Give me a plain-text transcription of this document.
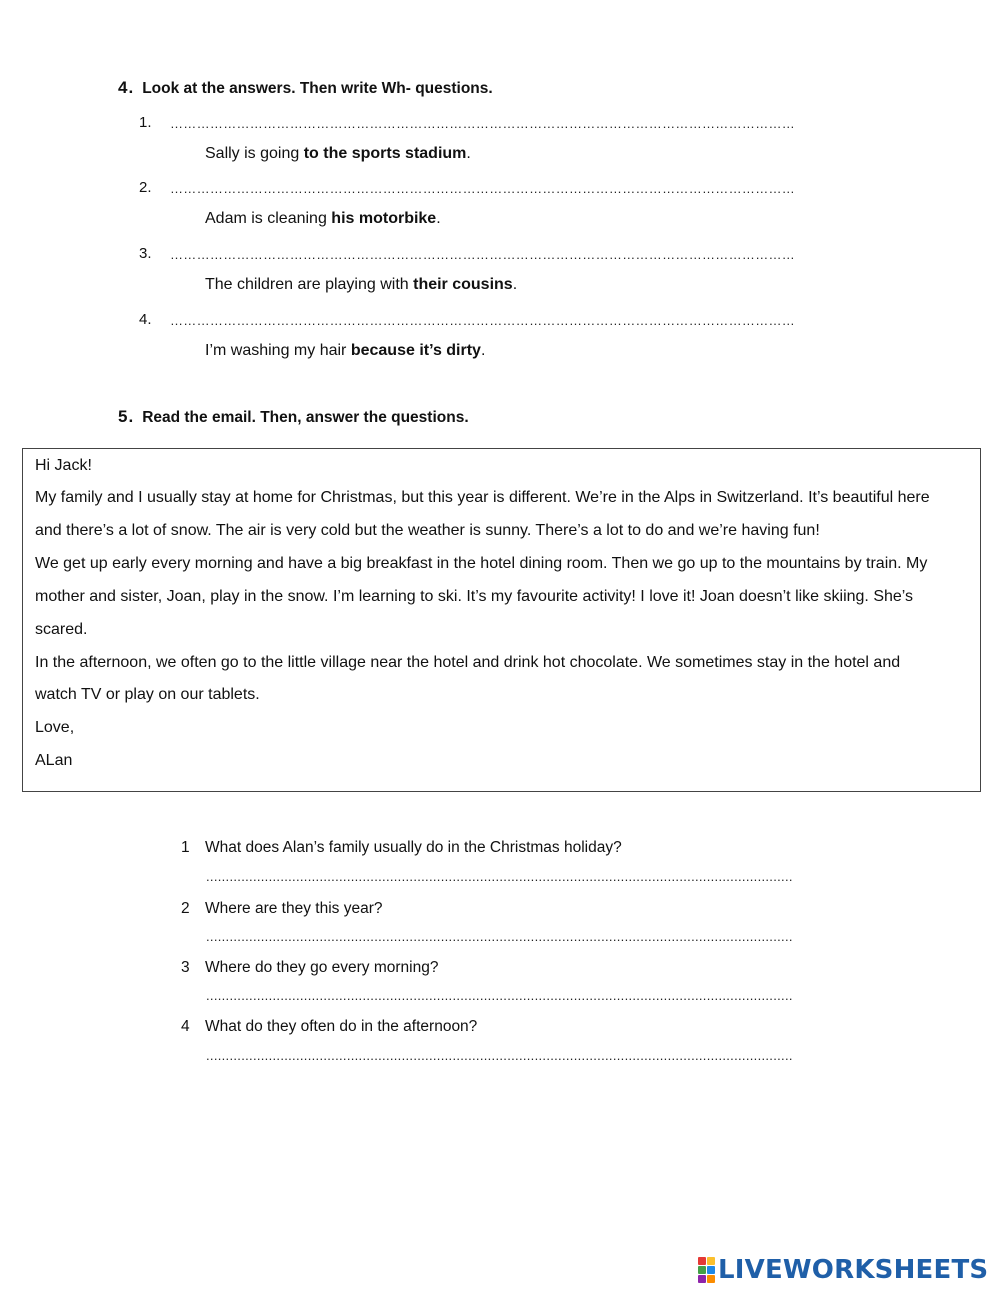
4. Look at the answers. Then write Wh- questions.
1. ……………………………………………………………………………………………………………………………
Sally is going to the sports stadium.
2. ……………………………………………………………………………………………………………………………
Adam is cleaning his motorbike.
3. ……………………………………………………………………………………………………………………………
The children are playing with their cousins.
4. ……………………………………………………………………………………………………………………………
I’m washing my hair because it’s dirty.
5. Read the email. Then, answer the questions.

Hi Jack!

My family and I usually stay at home for Christmas, but this year is different. We’re in the Alps in Switzerland. It’s beautiful here

and there’s a lot of snow. The air is very cold but the weather is sunny. There’s a lot to do and we’re having fun!

We get up early every morning and have a big breakfast in the hotel dining room. Then we go up to the mountains by train. My

mother and sister, Joan, play in the snow. I’m learning to ski. It’s my favourite activity! I love it! Joan doesn’t like skiing. She’s

scared.

In the afternoon, we often go to the little village near the hotel and drink hot chocolate. We sometimes stay in the hotel and

watch TV or play on our tablets.

Love,

ALan

1 What does Alan’s family usually do in the Christmas holiday?
......................................................................................................................................................
2 Where are they this year?
......................................................................................................................................................
3 Where do they go every morning?
......................................................................................................................................................
4 What do they often do in the afternoon?
......................................................................................................................................................
LIVEWORKSHEETS
